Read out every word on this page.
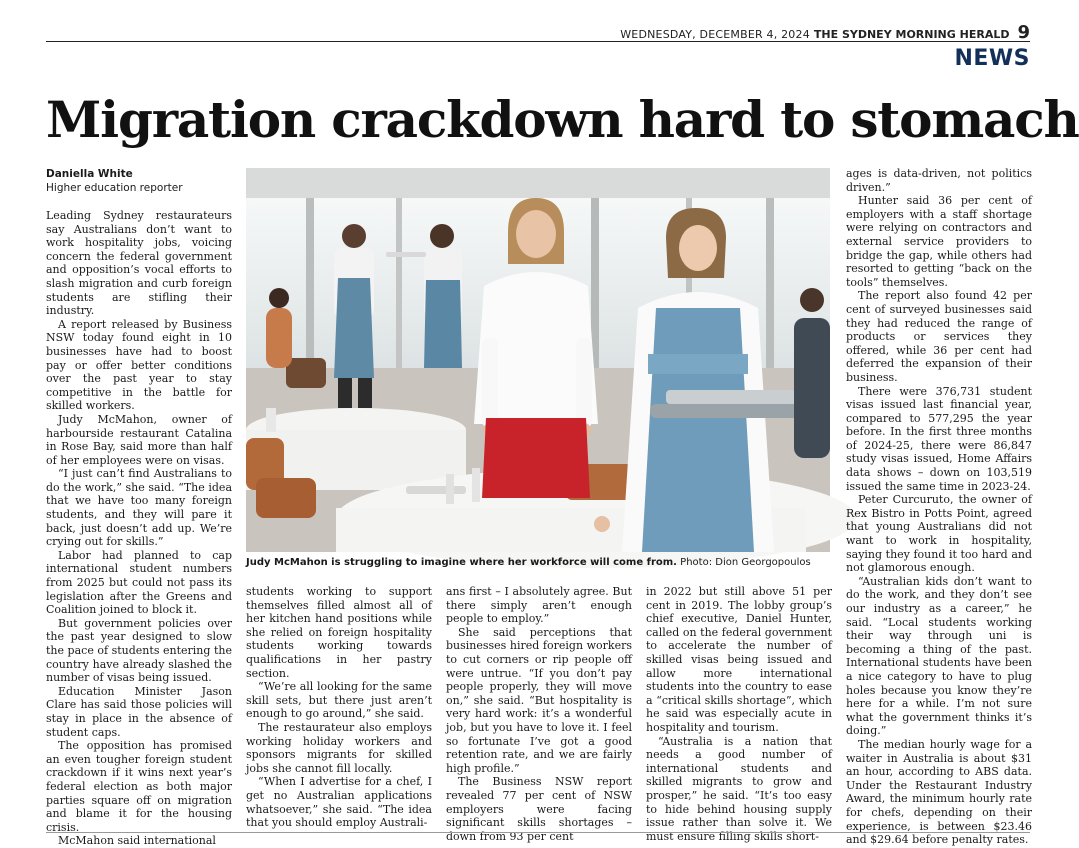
WEDNESDAY, DECEMBER 4, 2024 THE SYDNEY MORNING HERALD 9
NEWS
Migration crackdown hard to stomach
Daniella White
Higher education reporter
Judy McMahon is struggling to imagine where her workforce will come from. Photo: Dion Georgopoulos

Leading Sydney restaurateurs say Australians don’t want to work hospitality jobs, voicing concern the federal government and opposition’s vocal efforts to slash migration and curb foreign students are stifling their industry.

A report released by Business NSW today found eight in 10 businesses have had to boost pay or offer better conditions over the past year to stay competitive in the battle for skilled workers.

Judy McMahon, owner of harbourside restaurant Catalina in Rose Bay, said more than half of her employees were on visas.

“I just can’t find Australians to do the work,” she said. “The idea that we have too many foreign students, and they will pare it back, just doesn’t add up. We’re crying out for skills.”

Labor had planned to cap international student numbers from 2025 but could not pass its legislation after the Greens and Coalition joined to block it.

But government policies over the past year designed to slow the pace of students entering the country have already slashed the number of visas being issued.

Education Minister Jason Clare has said those policies will stay in place in the absence of student caps.

The opposition has promised an even tougher foreign student crackdown if it wins next year’s federal election as both major parties square off on migration and blame it for the housing crisis.

McMahon said international

students working to support themselves filled almost all of her kitchen hand positions while she relied on foreign hospitality students working towards qualifications in her pastry section.

“We’re all looking for the same skill sets, but there just aren’t enough to go around,” she said.

The restaurateur also employs working holiday workers and sponsors migrants for skilled jobs she cannot fill locally.

“When I advertise for a chef, I get no Australian applications whatsoever,” she said. “The idea that you should employ Australi-

ans first – I absolutely agree. But there simply aren’t enough people to employ.”

She said perceptions that businesses hired foreign workers to cut corners or rip people off were untrue. “If you don’t pay people properly, they will move on,” she said. “But hospitality is very hard work: it’s a wonderful job, but you have to love it. I feel so fortunate I’ve got a good retention rate, and we are fairly high profile.”

The Business NSW report revealed 77 per cent of NSW employers were facing significant skills shortages – down from 93 per cent

in 2022 but still above 51 per cent in 2019. The lobby group’s chief executive, Daniel Hunter, called on the federal government to accelerate the number of skilled visas being issued and allow more international students into the country to ease a “critical skills shortage”, which he said was especially acute in hospitality and tourism.

“Australia is a nation that needs a good number of international students and skilled migrants to grow and prosper,” he said. “It’s too easy to hide behind housing supply issue rather than solve it. We must ensure filling skills short-

ages is data-driven, not politics driven.”

Hunter said 36 per cent of employers with a staff shortage were relying on contractors and external service providers to bridge the gap, while others had resorted to getting “back on the tools” themselves.

The report also found 42 per cent of surveyed businesses said they had reduced the range of products or services they offered, while 36 per cent had deferred the expansion of their business.

There were 376,731 student visas issued last financial year, compared to 577,295 the year before. In the first three months of 2024-25, there were 86,847 study visas issued, Home Affairs data shows – down on 103,519 issued the same time in 2023-24.

Peter Curcuruto, the owner of Rex Bistro in Potts Point, agreed that young Australians did not want to work in hospitality, saying they found it too hard and not glamorous enough.

“Australian kids don’t want to do the work, and they don’t see our industry as a career,” he said. “Local students working their way through uni is becoming a thing of the past. International students have been a nice category to have to plug holes because you know they’re here for a while. I’m not sure what the government thinks it’s doing.”

The median hourly wage for a waiter in Australia is about $31 an hour, according to ABS data. Under the Restaurant Industry Award, the minimum hourly rate for chefs, depending on their experience, is between $23.46 and $29.64 before penalty rates.
